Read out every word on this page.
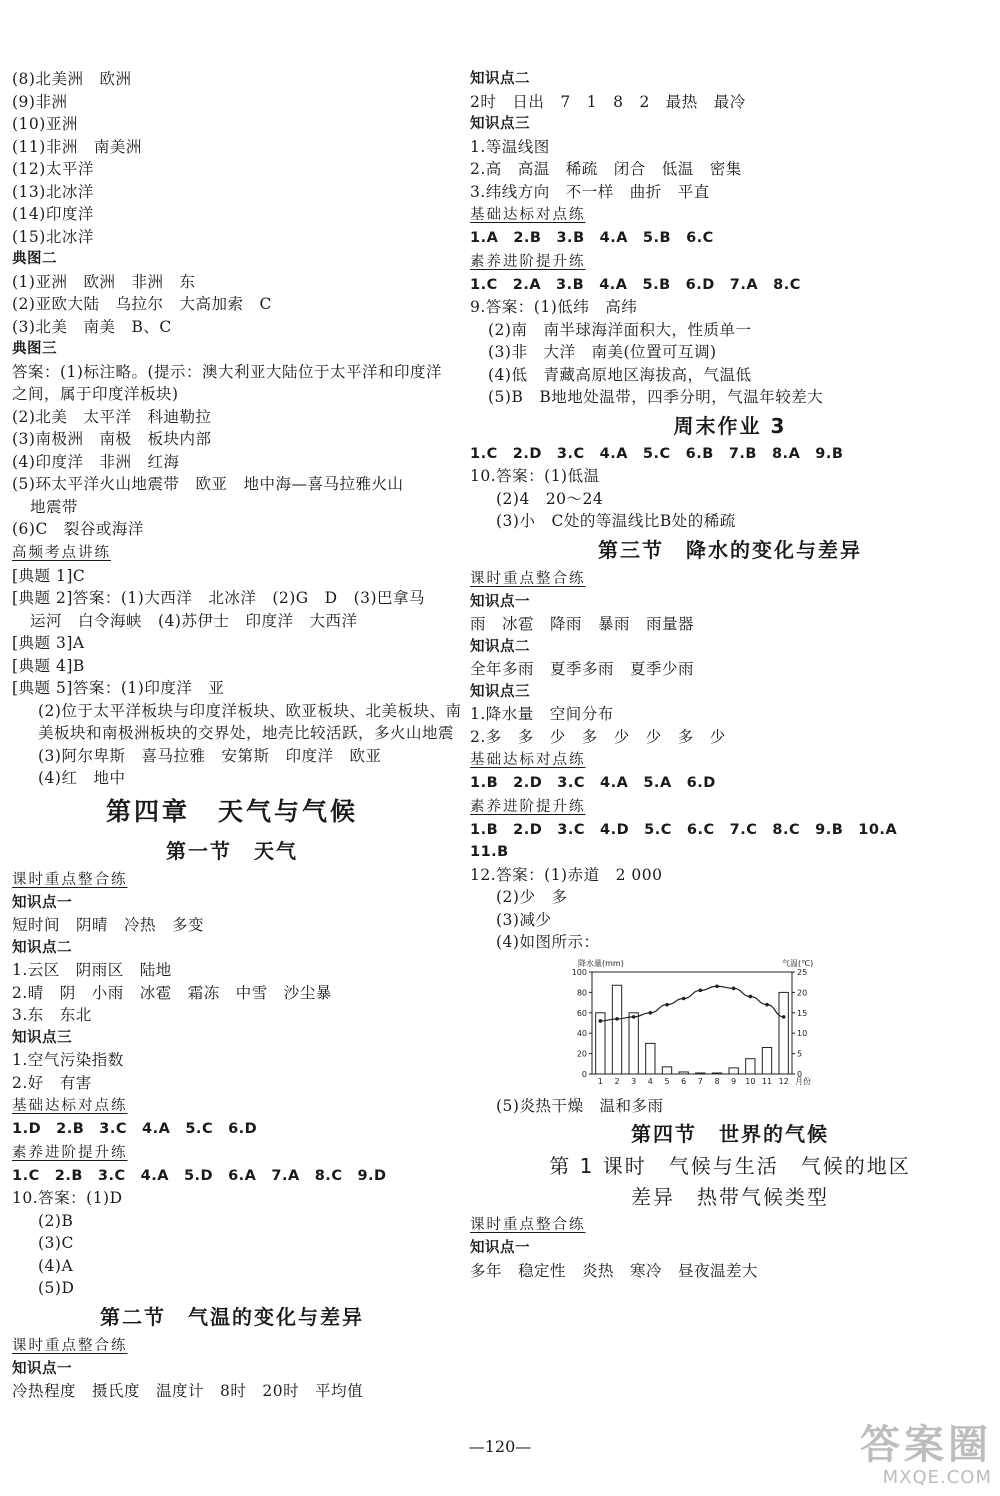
(8)北美洲　欧洲
(9)非洲
(10)亚洲
(11)非洲　南美洲
(12)太平洋
(13)北冰洋
(14)印度洋
(15)北冰洋
典图二
(1)亚洲　欧洲　非洲　东
(2)亚欧大陆　乌拉尔　大高加索　C
(3)北美　南美　B、C
典图三
答案：(1)标注略。(提示：澳大利亚大陆位于太平洋和印度洋
之间，属于印度洋板块)
(2)北美　太平洋　科迪勒拉
(3)南极洲　南极　板块内部
(4)印度洋　非洲　红海
(5)环太平洋火山地震带　欧亚　地中海—喜马拉雅火山
地震带
(6)C　裂谷或海洋
高频考点讲练
[典题 1]C
[典题 2]答案：(1)大西洋　北冰洋　(2)G　D　(3)巴拿马
运河　白令海峡　(4)苏伊士　印度洋　大西洋
[典题 3]A
[典题 4]B
[典题 5]答案：(1)印度洋　亚
(2)位于太平洋板块与印度洋板块、欧亚板块、北美板块、南
美板块和南极洲板块的交界处，地壳比较活跃，多火山地震
(3)阿尔卑斯　喜马拉雅　安第斯　印度洋　欧亚
(4)红　地中
第四章　天气与气候
第一节　天气
课时重点整合练
知识点一
短时间　阴晴　冷热　多变
知识点二
1.云区　阴雨区　陆地
2.晴　阴　小雨　冰雹　霜冻　中雪　沙尘暴
3.东　东北
知识点三
1.空气污染指数
2.好　有害
基础达标对点练
1.D　2.B　3.C　4.A　5.C　6.D
素养进阶提升练
1.C　2.B　3.C　4.A　5.D　6.A　7.A　8.C　9.D
10.答案：(1)D
(2)B
(3)C
(4)A
(5)D
第二节　气温的变化与差异
课时重点整合练
知识点一
冷热程度　摄氏度　温度计　8时　20时　平均值
知识点二
2时　日出　7　1　8　2　最热　最冷
知识点三
1.等温线图
2.高　高温　稀疏　闭合　低温　密集
3.纬线方向　不一样　曲折　平直
基础达标对点练
1.A　2.B　3.B　4.A　5.B　6.C
素养进阶提升练
1.C　2.A　3.B　4.A　5.B　6.D　7.A　8.C
9.答案：(1)低纬　高纬
(2)南　南半球海洋面积大，性质单一
(3)非　大洋　南美(位置可互调)
(4)低　青藏高原地区海拔高，气温低
(5)B　B地地处温带，四季分明，气温年较差大
周末作业 3
1.C　2.D　3.C　4.A　5.C　6.B　7.B　8.A　9.B
10.答案：(1)低温
(2)4　20～24
(3)小　C处的等温线比B处的稀疏
第三节　降水的变化与差异
课时重点整合练
知识点一
雨　冰雹　降雨　暴雨　雨量器
知识点二
全年多雨　夏季多雨　夏季少雨
知识点三
1.降水量　空间分布
2.多　多　少　多　少　少　多　少
基础达标对点练
1.B　2.D　3.C　4.A　5.A　6.D
素养进阶提升练
1.B　2.D　3.C　4.D　5.C　6.C　7.C　8.C　9.B　10.A
11.B
12.答案：(1)赤道　2 000
(2)少　多
(3)减少
(4)如图所示：
0
20
40
60
80
100
0
5
10
15
20
25
降水量(mm)	气温(℃)
1 2 3 4 5 6 7 8 9 10 11 12 月份
(5)炎热干燥　温和多雨
第四节　世界的气候
第 1 课时　气候与生活　气候的地区
差异　热带气候类型
课时重点整合练
知识点一
多年　稳定性　炎热　寒冷　昼夜温差大
—120—	答案圈
MXQE.COM
